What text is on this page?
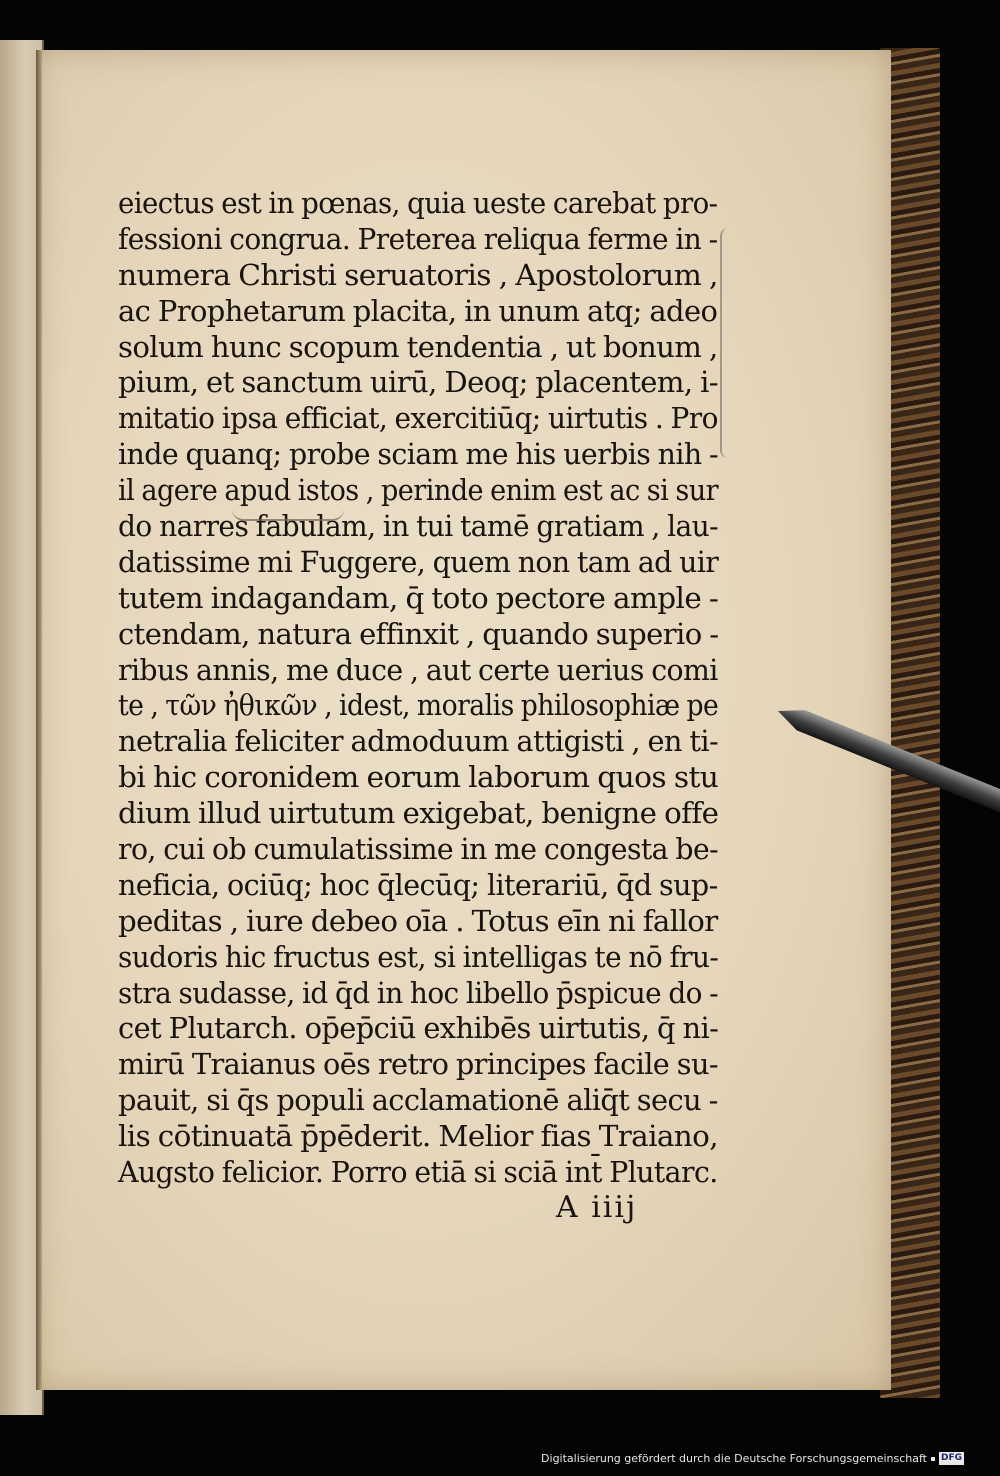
eiectus est in pœnas, quia ueste carebat pro-
fessioni congrua. Preterea reliqua ferme in -
numera Christi seruatoris , Apostolorum ,
ac Prophetarum placita, in unum atq; adeo
solum hunc scopum tendentia , ut bonum ,
pium, et sanctum uirū, Deoq; placentem, i-
mitatio ipsa efficiat, exercitiūq; uirtutis . Pro
inde quanq; probe sciam me his uerbis nih -
il agere apud istos , perinde enim est ac si sur
do narres fabulam, in tui tamē gratiam , lau-
datissime mi Fuggere, quem non tam ad uir
tutem indagandam, q̄ toto pectore ample -
ctendam, natura effinxit , quando superio -
ribus annis, me duce , aut certe uerius comi
te , τῶν ἠθικῶν , idest, moralis philosophiæ pe
netralia feliciter admoduum attigisti , en ti-
bi hic coronidem eorum laborum quos stu
dium illud uirtutum exigebat, benigne offe
ro, cui ob cumulatissime in me congesta be-
neficia, ociūq; hoc q̄lecūq; literariū, q̄d sup-
peditas , iure debeo oīa . Totus eīn ni fallor
sudoris hic fructus est, si intelligas te nō fru-
stra sudasse, id q̄d in hoc libello p̄spicue do -
cet Plutarch. op̄ep̄ciū exhibēs uirtutis, q̄ ni-
mirū Traianus oēs retro principes facile su-
pauit, si q̄s populi acclamationē aliq̄t secu -
lis cōtinuatā p̄pēderit. Melior fias Traiano,
Augsto felicior. Porro etiā si sciā int̄ Plutarc.
A iiij
Digitalisierung gefördert durch die Deutsche Forschungsgemeinschaft DFG
